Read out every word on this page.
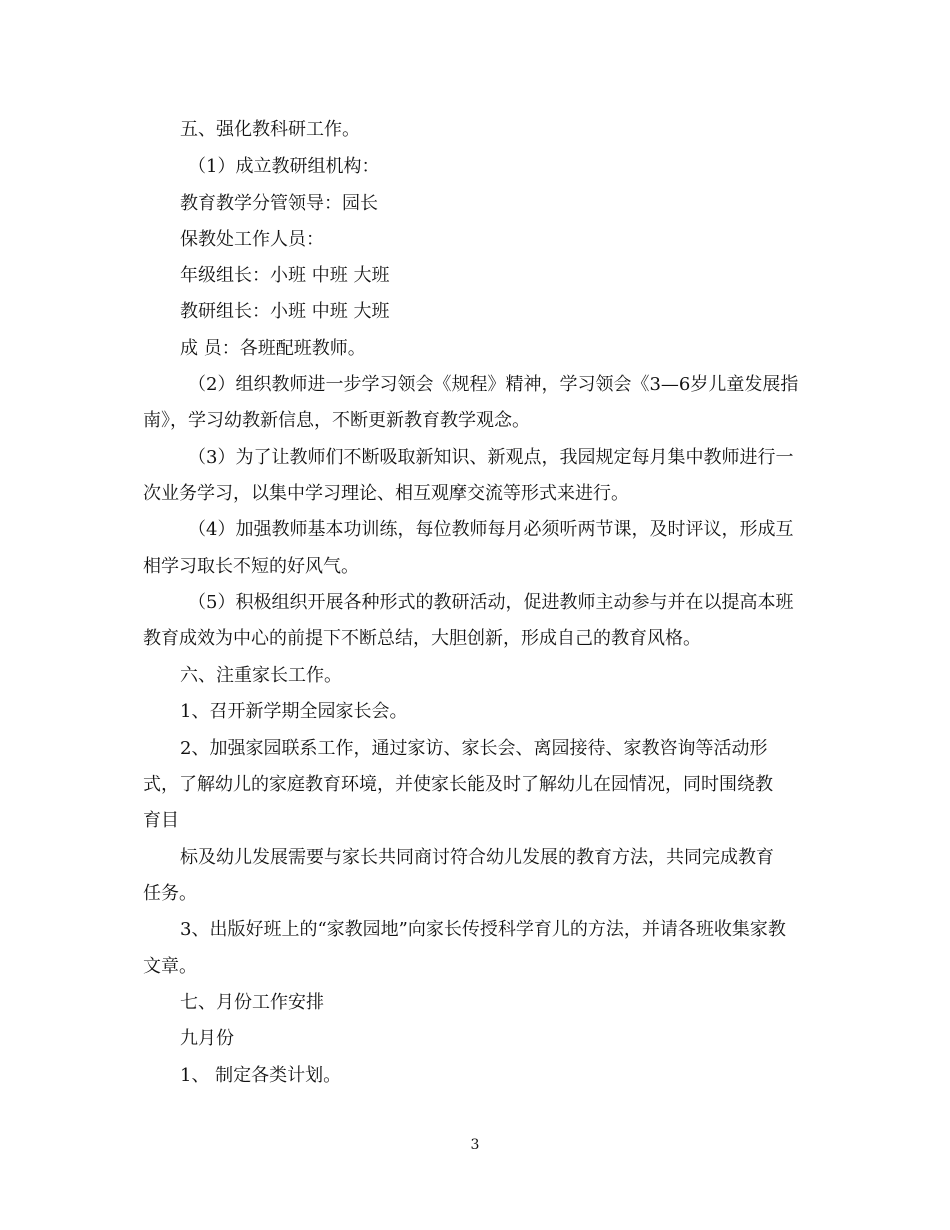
五、强化教科研工作。
（1）成立教研组机构：
教育教学分管领导：园长
保教处工作人员：
年级组长：小班 中班 大班
教研组长：小班 中班 大班
成 员：各班配班教师。
（2）组织教师进一步学习领会《规程》精神，学习领会《3—6岁儿童发展指
南》，学习幼教新信息，不断更新教育教学观念。
（3）为了让教师们不断吸取新知识、新观点，我园规定每月集中教师进行一
次业务学习，以集中学习理论、相互观摩交流等形式来进行。
（4）加强教师基本功训练，每位教师每月必须听两节课，及时评议，形成互
相学习取长不短的好风气。
（5）积极组织开展各种形式的教研活动，促进教师主动参与并在以提高本班
教育成效为中心的前提下不断总结，大胆创新，形成自己的教育风格。
六、注重家长工作。
1、召开新学期全园家长会。
2、加强家园联系工作，通过家访、家长会、离园接待、家教咨询等活动形
式，了解幼儿的家庭教育环境，并使家长能及时了解幼儿在园情况，同时围绕教
育目
标及幼儿发展需要与家长共同商讨符合幼儿发展的教育方法，共同完成教育
任务。
3、出版好班上的“家教园地”向家长传授科学育儿的方法，并请各班收集家教
文章。
七、月份工作安排
九月份
1、 制定各类计划。
3
